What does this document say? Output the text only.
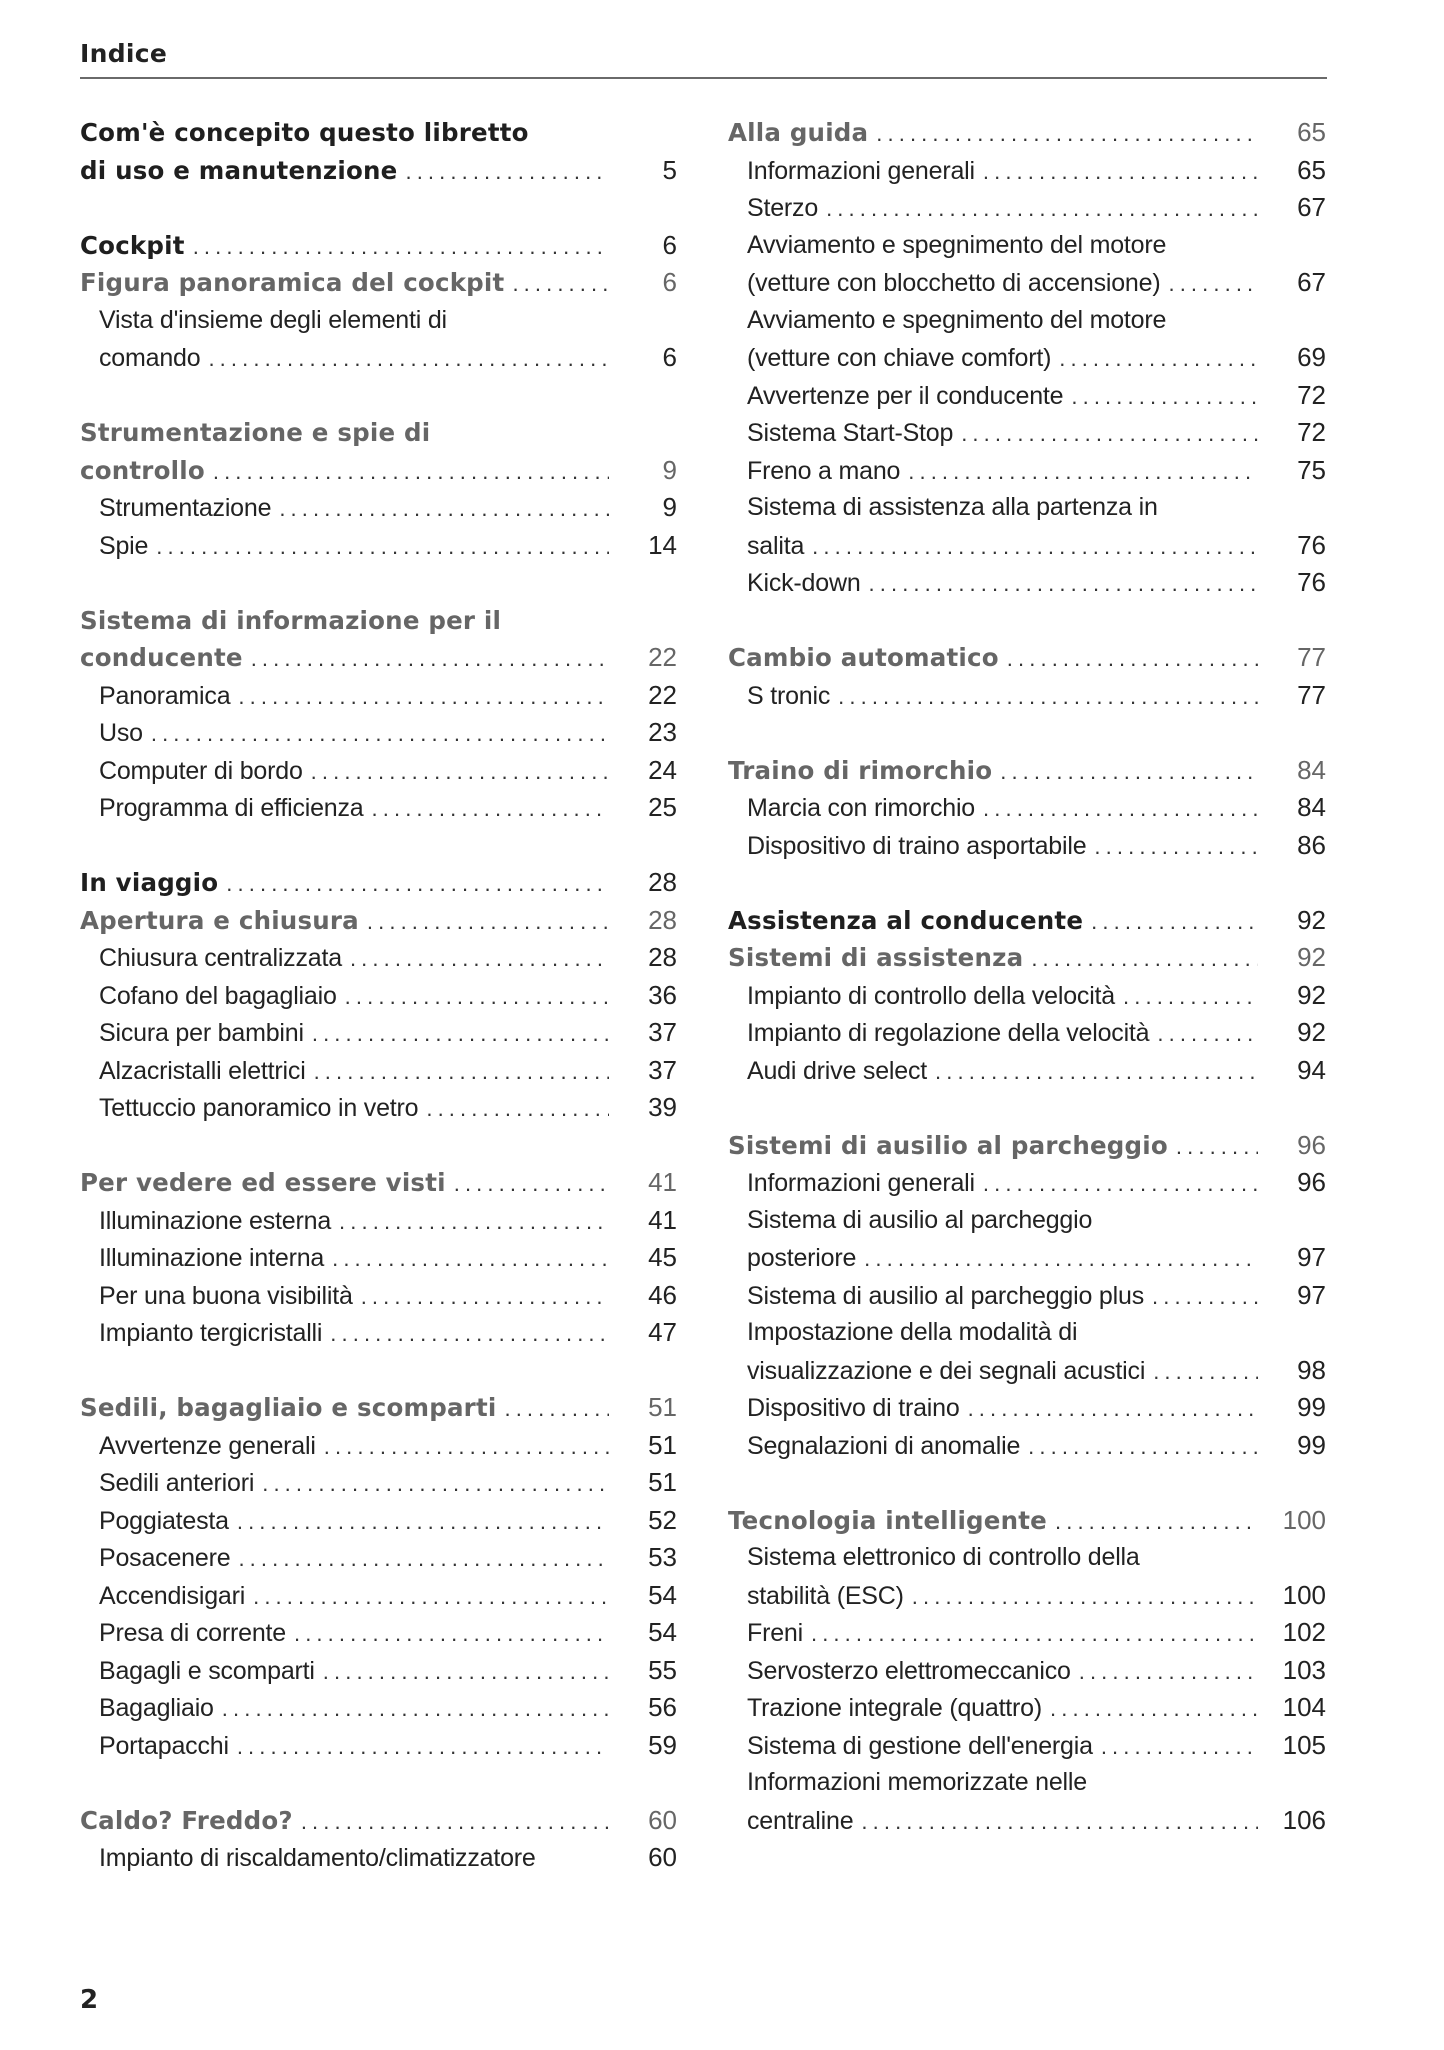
Indice
Com'è concepito questo libretto
di uso e manutenzione . . .	5
Cockpit . . .	6
Figura panoramica del cockpit . . .	6
Vista d'insieme degli elementi di
comando . . .	6
Strumentazione e spie di
controllo . . .	9
Strumentazione . . .	9
Spie . . .	14
Sistema di informazione per il
conducente . . .	22
Panoramica . . .	22
Uso . . .	23
Computer di bordo . . .	24
Programma di efficienza . . .	25
In viaggio . . .	28
Apertura e chiusura . . .	28
Chiusura centralizzata . . .	28
Cofano del bagagliaio . . .	36
Sicura per bambini . . .	37
Alzacristalli elettrici . . .	37
Tettuccio panoramico in vetro . . .	39
Per vedere ed essere visti . . .	41
Illuminazione esterna . . .	41
Illuminazione interna . . .	45
Per una buona visibilità . . .	46
Impianto tergicristalli . . .	47
Sedili, bagagliaio e scomparti . . .	51
Avvertenze generali . . .	51
Sedili anteriori . . .	51
Poggiatesta . . .	52
Posacenere . . .	53
Accendisigari . . .	54
Presa di corrente . . .	54
Bagagli e scomparti . . .	55
Bagagliaio . . .	56
Portapacchi . . .	59
Caldo? Freddo? . . .	60
Impianto di riscaldamento/climatizzatore	60
Alla guida . . .	65
Informazioni generali . . .	65
Sterzo . . .	67
Avviamento e spegnimento del motore
(vetture con blocchetto di accensione) . . .	67
Avviamento e spegnimento del motore
(vetture con chiave comfort) . . .	69
Avvertenze per il conducente . . .	72
Sistema Start-Stop . . .	72
Freno a mano . . .	75
Sistema di assistenza alla partenza in
salita . . .	76
Kick-down . . .	76
Cambio automatico . . .	77
S tronic . . .	77
Traino di rimorchio . . .	84
Marcia con rimorchio . . .	84
Dispositivo di traino asportabile . . .	86
Assistenza al conducente . . .	92
Sistemi di assistenza . . .	92
Impianto di controllo della velocità . . .	92
Impianto di regolazione della velocità . . .	92
Audi drive select . . .	94
Sistemi di ausilio al parcheggio . . .	96
Informazioni generali . . .	96
Sistema di ausilio al parcheggio
posteriore . . .	97
Sistema di ausilio al parcheggio plus . . .	97
Impostazione della modalità di
visualizzazione e dei segnali acustici . . .	98
Dispositivo di traino . . .	99
Segnalazioni di anomalie . . .	99
Tecnologia intelligente . . .	100
Sistema elettronico di controllo della
stabilità (ESC) . . .	100
Freni . . .	102
Servosterzo elettromeccanico . . .	103
Trazione integrale (quattro) . . .	104
Sistema di gestione dell'energia . . .	105
Informazioni memorizzate nelle
centraline . . .	106
2
